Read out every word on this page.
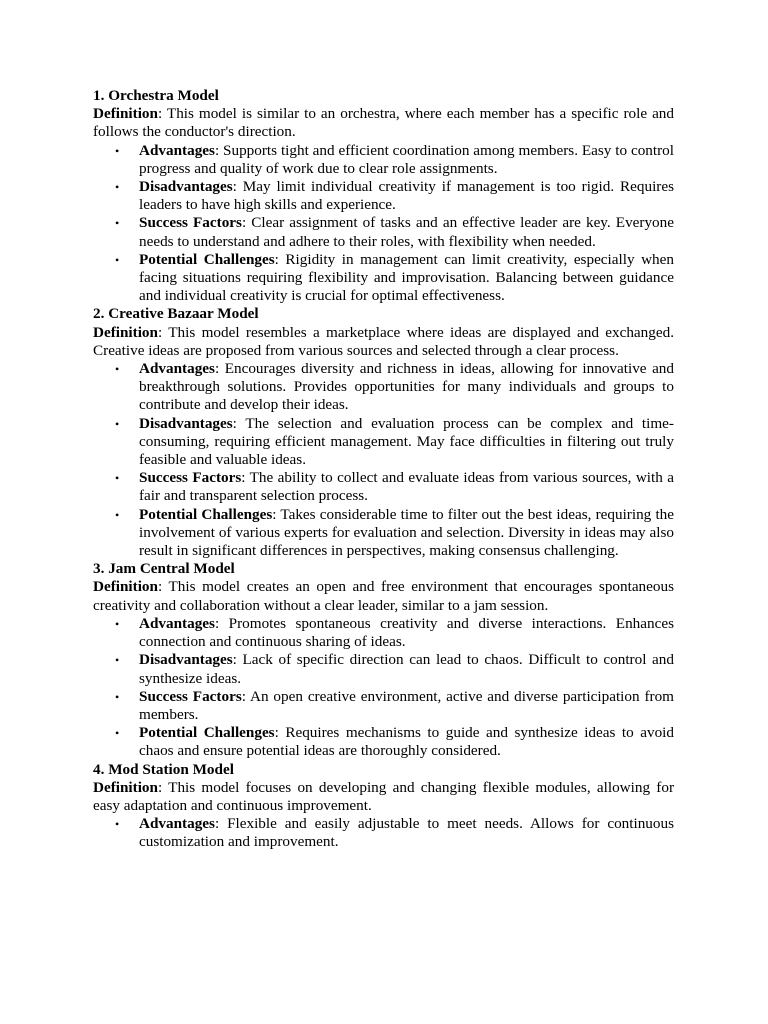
1. Orchestra Model
Definition: This model is similar to an orchestra, where each member has a specific role and follows the conductor's direction.
• Advantages: Supports tight and efficient coordination among members. Easy to control progress and quality of work due to clear role assignments.
• Disadvantages: May limit individual creativity if management is too rigid. Requires leaders to have high skills and experience.
• Success Factors: Clear assignment of tasks and an effective leader are key. Everyone needs to understand and adhere to their roles, with flexibility when needed.
• Potential Challenges: Rigidity in management can limit creativity, especially when facing situations requiring flexibility and improvisation. Balancing between guidance and individual creativity is crucial for optimal effectiveness.
2. Creative Bazaar Model
Definition: This model resembles a marketplace where ideas are displayed and exchanged. Creative ideas are proposed from various sources and selected through a clear process.
• Advantages: Encourages diversity and richness in ideas, allowing for innovative and breakthrough solutions. Provides opportunities for many individuals and groups to contribute and develop their ideas.
• Disadvantages: The selection and evaluation process can be complex and time-consuming, requiring efficient management. May face difficulties in filtering out truly feasible and valuable ideas.
• Success Factors: The ability to collect and evaluate ideas from various sources, with a fair and transparent selection process.
• Potential Challenges: Takes considerable time to filter out the best ideas, requiring the involvement of various experts for evaluation and selection. Diversity in ideas may also result in significant differences in perspectives, making consensus challenging.
3. Jam Central Model
Definition: This model creates an open and free environment that encourages spontaneous creativity and collaboration without a clear leader, similar to a jam session.
• Advantages: Promotes spontaneous creativity and diverse interactions. Enhances connection and continuous sharing of ideas.
• Disadvantages: Lack of specific direction can lead to chaos. Difficult to control and synthesize ideas.
• Success Factors: An open creative environment, active and diverse participation from members.
• Potential Challenges: Requires mechanisms to guide and synthesize ideas to avoid chaos and ensure potential ideas are thoroughly considered.
4. Mod Station Model
Definition: This model focuses on developing and changing flexible modules, allowing for easy adaptation and continuous improvement.
• Advantages: Flexible and easily adjustable to meet needs. Allows for continuous customization and improvement.
